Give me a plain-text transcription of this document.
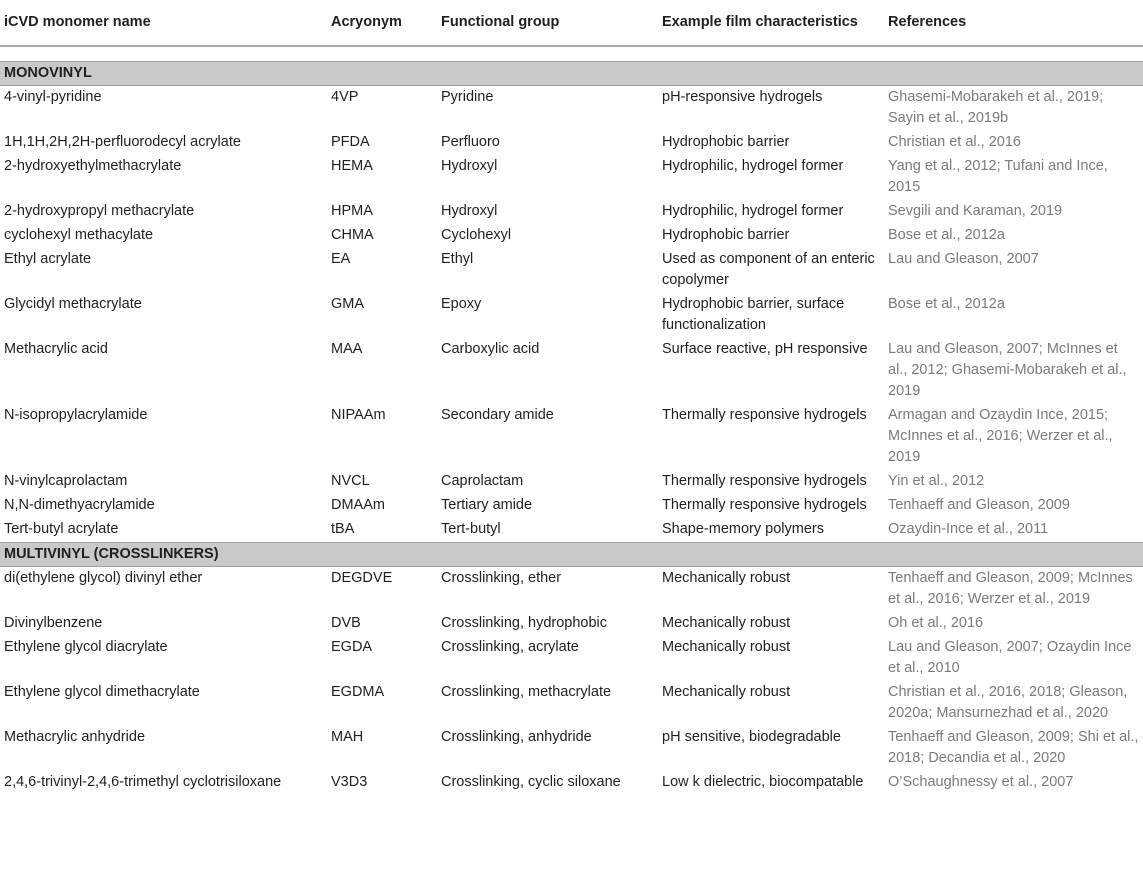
iCVD monomer name	Acryonym	Functional group	Example film characteristics	References

MONOVINYL				
4-vinyl-pyridine	4VP	Pyridine	pH-responsive hydrogels	Ghasemi-Mobarakeh et al., 2019; Sayin et al., 2019b
1H,1H,2H,2H-perfluorodecyl acrylate	PFDA	Perfluoro	Hydrophobic barrier	Christian et al., 2016
2-hydroxyethylmethacrylate	HEMA	Hydroxyl	Hydrophilic, hydrogel former	Yang et al., 2012; Tufani and Ince, 2015
2-hydroxypropyl methacrylate	HPMA	Hydroxyl	Hydrophilic, hydrogel former	Sevgili and Karaman, 2019
cyclohexyl methacylate	CHMA	Cyclohexyl	Hydrophobic barrier	Bose et al., 2012a
Ethyl acrylate	EA	Ethyl	Used as component of an enteric copolymer	Lau and Gleason, 2007
Glycidyl methacrylate	GMA	Epoxy	Hydrophobic barrier, surface functionalization	Bose et al., 2012a
Methacrylic acid	MAA	Carboxylic acid	Surface reactive, pH responsive	Lau and Gleason, 2007; McInnes et al., 2012; Ghasemi-Mobarakeh et al., 2019
N-isopropylacrylamide	NIPAAm	Secondary amide	Thermally responsive hydrogels	Armagan and Ozaydin Ince, 2015; McInnes et al., 2016; Werzer et al., 2019
N-vinylcaprolactam	NVCL	Caprolactam	Thermally responsive hydrogels	Yin et al., 2012
N,N-dimethyacrylamide	DMAAm	Tertiary amide	Thermally responsive hydrogels	Tenhaeff and Gleason, 2009
Tert-butyl acrylate	tBA	Tert-butyl	Shape-memory polymers	Ozaydin-Ince et al., 2011
MULTIVINYL (CROSSLINKERS)				
di(ethylene glycol) divinyl ether	DEGDVE	Crosslinking, ether	Mechanically robust	Tenhaeff and Gleason, 2009; McInnes et al., 2016; Werzer et al., 2019
Divinylbenzene	DVB	Crosslinking, hydrophobic	Mechanically robust	Oh et al., 2016
Ethylene glycol diacrylate	EGDA	Crosslinking, acrylate	Mechanically robust	Lau and Gleason, 2007; Ozaydin Ince et al., 2010
Ethylene glycol dimethacrylate	EGDMA	Crosslinking, methacrylate	Mechanically robust	Christian et al., 2016, 2018; Gleason, 2020a; Mansurnezhad et al., 2020
Methacrylic anhydride	MAH	Crosslinking, anhydride	pH sensitive, biodegradable	Tenhaeff and Gleason, 2009; Shi et al., 2018; Decandia et al., 2020
2,4,6-trivinyl-2,4,6-trimethyl cyclotrisiloxane	V3D3	Crosslinking, cyclic siloxane	Low k dielectric, biocompatable	O’Schaughnessy et al., 2007
